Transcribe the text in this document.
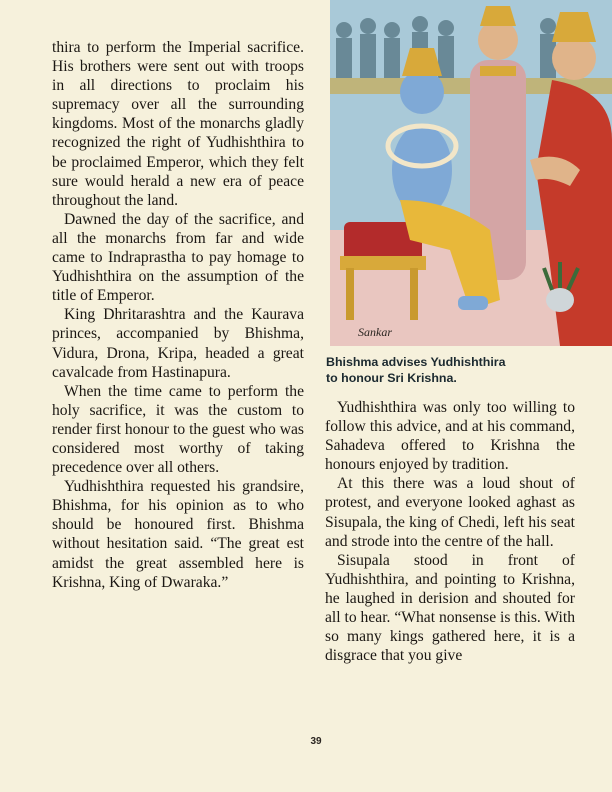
thira to perform the Imperial sacrifice. His brothers were sent out with troops in all directions to proclaim his supremacy over all the surrounding kingdoms. Most of the monarchs gladly recognized the right of Yudhishthira to be proclaimed Emperor, which they felt sure would herald a new era of peace throughout the land.

Dawned the day of the sacrifice, and all the monarchs from far and wide came to Indraprastha to pay homage to Yudhishthira on the assumption of the title of Emperor.

King Dhritarashtra and the Kaurava princes, accompanied by Bhishma, Vidura, Drona, Kripa, headed a great cavalcade from Hastinapura.

When the time came to perform the holy sacrifice, it was the custom to render first honour to the guest who was considered most worthy of taking precedence over all others.

Yudhishthira requested his grandsire, Bhishma, for his opinion as to who should be honoured first. Bhishma without hesitation said. “The great est amidst the great assembled here is Krishna, King of Dwaraka.”

Sankar

Bhishma advises Yudhishthira
to honour Sri Krishna.

Yudhishthira was only too willing to follow this advice, and at his command, Sahadeva offered to Krishna the honours enjoyed by tradition.

At this there was a loud shout of protest, and everyone looked aghast as Sisupala, the king of Chedi, left his seat and strode into the centre of the hall.

Sisupala stood in front of Yudhishthira, and pointing to Krishna, he laughed in derision and shouted for all to hear. “What nonsense is this. With so many kings gathered here, it is a disgrace that you give

39
